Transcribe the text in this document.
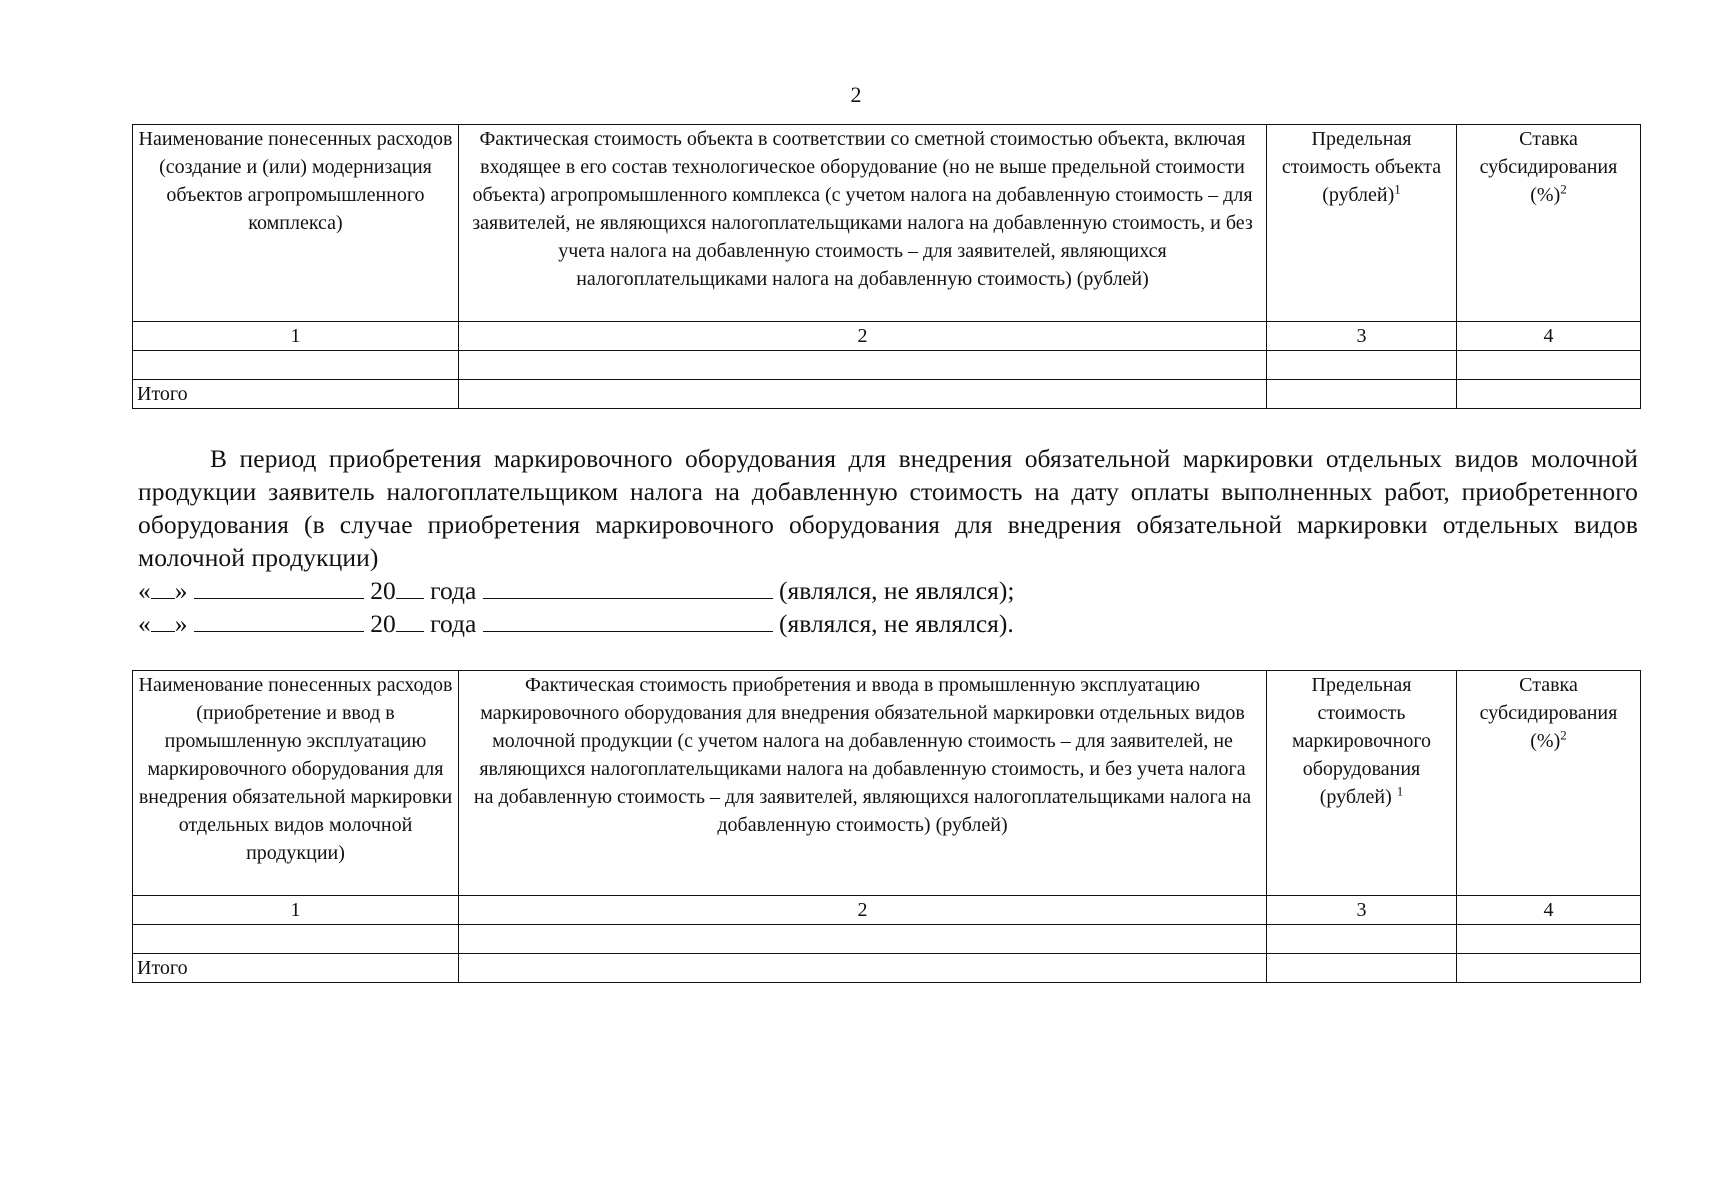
2
Наименование понесенных расходов (создание и (или) модернизация объектов агропромышленного комплекса)	Фактическая стоимость объекта в соответствии со сметной стоимостью объекта, включая входящее в его состав технологическое оборудование (но не выше предельной стоимости объекта) агропромышленного комплекса (с учетом налога на добавленную стоимость – для заявителей, не являющихся налогоплательщиками налога на добавленную стоимость, и без учета налога на добавленную стоимость – для заявителей, являющихся налогоплательщиками налога на добавленную стоимость) (рублей)	Предельная стоимость объекта (рублей)$^1$	Ставка субсидирования (%)$^2$
1	2	3	4

Итого			
В период приобретения маркировочного оборудования для внедрения обязательной маркировки отдельных видов молочной продукции заявитель налогоплательщиком налога на добавленную стоимость на дату оплаты выполненных работ, приобретенного оборудования (в случае приобретения маркировочного оборудования для внедрения обязательной маркировки отдельных видов молочной продукции)
« »	20 года	(являлся, не являлся);
« »	20 года	(являлся, не являлся).
Наименование понесенных расходов (приобретение и ввод в промышленную эксплуатацию маркировочного оборудования для внедрения обязательной маркировки отдельных видов молочной продукции)	Фактическая стоимость приобретения и ввода в промышленную эксплуатацию маркировочного оборудования для внедрения обязательной маркировки отдельных видов молочной продукции (с учетом налога на добавленную стоимость – для заявителей, не являющихся налогоплательщиками налога на добавленную стоимость, и без учета налога на добавленную стоимость – для заявителей, являющихся налогоплательщиками налога на добавленную стоимость) (рублей)	Предельная стоимость маркировочного оборудования (рублей) $^1$	Ставка субсидирования (%)$^2$
1	2	3	4

Итого			
